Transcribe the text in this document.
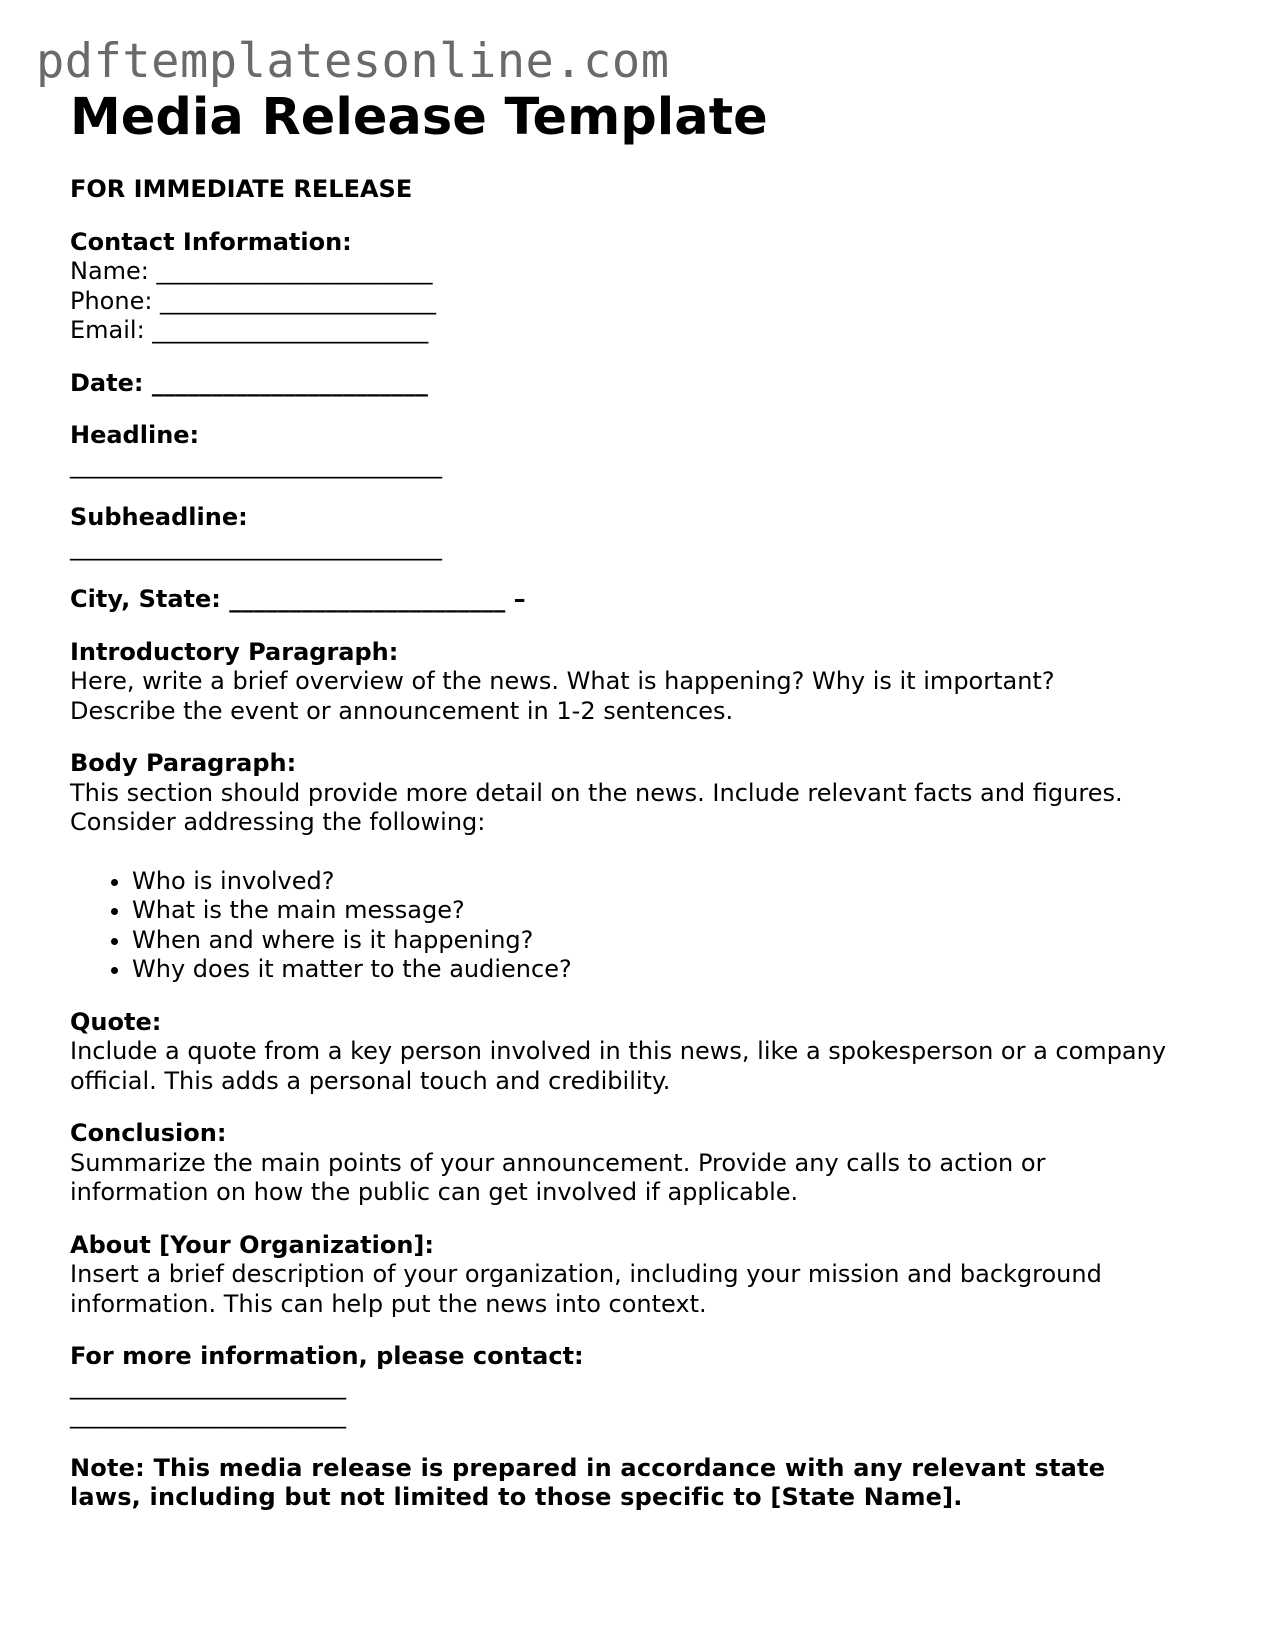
pdftemplatesonline.com
Media Release Template
FOR IMMEDIATE RELEASE
Contact Information:
Name: _______________________
Phone: _______________________
Email: _______________________
Date: _______________________
Headline:
_______________________________
Subheadline:
_______________________________
City, State: _______________________ –
Introductory Paragraph:

Here, write a brief overview of the news. What is happening? Why is it important? Describe the event or announcement in 1-2 sentences.

Body Paragraph:

This section should provide more detail on the news. Include relevant facts and figures. Consider addressing the following:

• Who is involved?
• What is the main message?
• When and where is it happening?
• Why does it matter to the audience?
Quote:

Include a quote from a key person involved in this news, like a spokesperson or a company official. This adds a personal touch and credibility.

Conclusion:

Summarize the main points of your announcement. Provide any calls to action or information on how the public can get involved if applicable.

About [Your Organization]:

Insert a brief description of your organization, including your mission and background information. This can help put the news into context.

For more information, please contact:
_______________________
_______________________

Note: This media release is prepared in accordance with any relevant state laws, including but not limited to those specific to [State Name].
